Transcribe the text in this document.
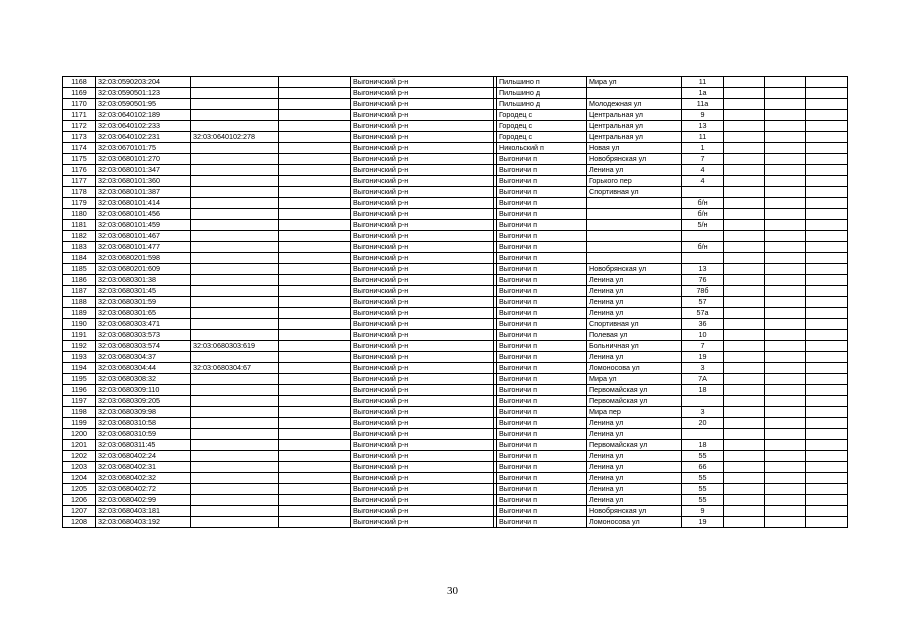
1168	32:03:0590203:204			Выгоничский р-н		Пильшино п	Мира ул	11			
1169	32:03:0590501:123			Выгоничский р-н		Пильшино д		1а			
1170	32:03:0590501:95			Выгоничский р-н		Пильшино д	Молодежная ул	11а			
1171	32:03:0640102:189			Выгоничский р-н		Городец с	Центральная ул	9			
1172	32:03:0640102:233			Выгоничский р-н		Городец с	Центральная ул	13			
1173	32:03:0640102:231	32:03:0640102:278		Выгоничский р-н		Городец с	Центральная ул	11			
1174	32:03:0670101:75			Выгоничский р-н		Никольский п	Новая ул	1			
1175	32:03:0680101:270			Выгоничский р-н		Выгоничи п	Новобрянская ул	7			
1176	32:03:0680101:347			Выгоничский р-н		Выгоничи п	Ленина ул	4			
1177	32:03:0680101:360			Выгоничский р-н		Выгоничи п	Горького пер	4			
1178	32:03:0680101:387			Выгоничский р-н		Выгоничи п	Спортивная ул				
1179	32:03:0680101:414			Выгоничский р-н		Выгоничи п		б/н			
1180	32:03:0680101:456			Выгоничский р-н		Выгоничи п		б/н			
1181	32:03:0680101:459			Выгоничский р-н		Выгоничи п		5/н			
1182	32:03:0680101:467			Выгоничский р-н		Выгоничи п					
1183	32:03:0680101:477			Выгоничский р-н		Выгоничи п		б/н			
1184	32:03:0680201:598			Выгоничский р-н		Выгоничи п					
1185	32:03:0680201:609			Выгоничский р-н		Выгоничи п	Новобрянская ул	13			
1186	32:03:0680301:38			Выгоничский р-н		Выгоничи п	Ленина ул	76			
1187	32:03:0680301:45			Выгоничский р-н		Выгоничи п	Ленина ул	78б			
1188	32:03:0680301:59			Выгоничский р-н		Выгоничи п	Ленина ул	57			
1189	32:03:0680301:65			Выгоничский р-н		Выгоничи п	Ленина ул	57а			
1190	32:03:0680303:471			Выгоничский р-н		Выгоничи п	Спортивная ул	36			
1191	32:03:0680303:573			Выгоничский р-н		Выгоничи п	Полевая ул	10			
1192	32:03:0680303:574	32:03:0680303:619		Выгоничский р-н		Выгоничи п	Больничная ул	7			
1193	32:03:0680304:37			Выгоничский р-н		Выгоничи п	Ленина ул	19			
1194	32:03:0680304:44	32:03:0680304:67		Выгоничский р-н		Выгоничи п	Ломоносова ул	3			
1195	32:03:0680308:32			Выгоничский р-н		Выгоничи п	Мира ул	7А			
1196	32:03:0680309:110			Выгоничский р-н		Выгоничи п	Первомайская ул	18			
1197	32:03:0680309:205			Выгоничский р-н		Выгоничи п	Первомайская ул				
1198	32:03:0680309:98			Выгоничский р-н		Выгоничи п	Мира пер	3			
1199	32:03:0680310:58			Выгоничский р-н		Выгоничи п	Ленина ул	20			
1200	32:03:0680310:59			Выгоничский р-н		Выгоничи п	Ленина ул				
1201	32:03:0680311:45			Выгоничский р-н		Выгоничи п	Первомайская ул	18			
1202	32:03:0680402:24			Выгоничский р-н		Выгоничи п	Ленина ул	55			
1203	32:03:0680402:31			Выгоничский р-н		Выгоничи п	Ленина ул	66			
1204	32:03:0680402:32			Выгоничский р-н		Выгоничи п	Ленина ул	55			
1205	32:03:0680402:72			Выгоничский р-н		Выгоничи п	Ленина ул	55			
1206	32:03:0680402:99			Выгоничский р-н		Выгоничи п	Ленина ул	55			
1207	32:03:0680403:181			Выгоничский р-н		Выгоничи п	Новобрянская ул	9			
1208	32:03:0680403:192			Выгоничский р-н		Выгоничи п	Ломоносова ул	19			
30
